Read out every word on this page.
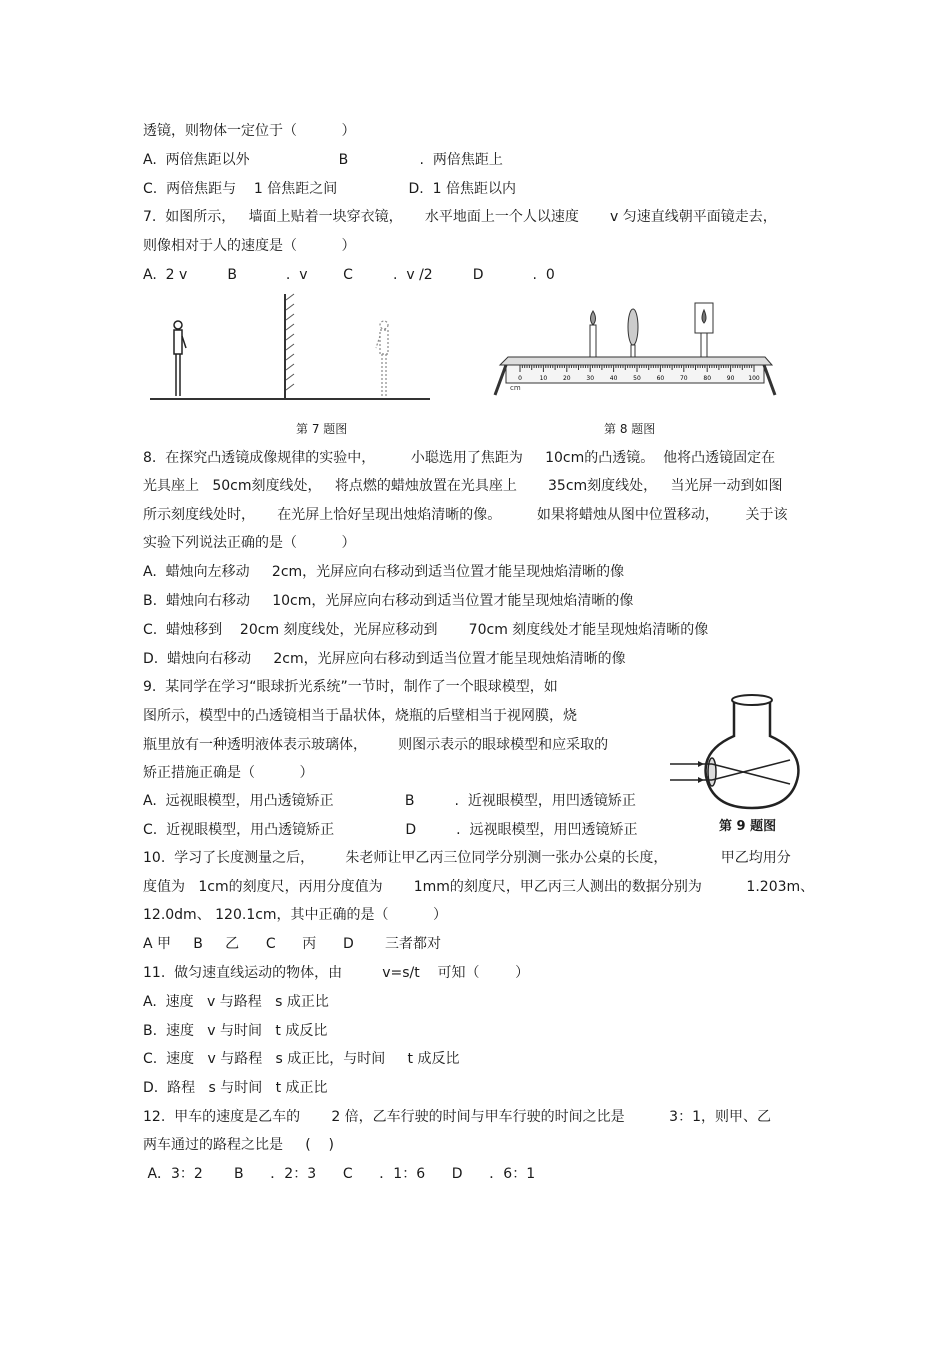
透镜，则物体一定位于（          ）
A.  两倍焦距以外                    B                .  两倍焦距上
C.  两倍焦距与    1 倍焦距之间                D.  1 倍焦距以内
7.  如图所示，   墙面上贴着一块穿衣镜，     水平地面上一个人以速度       v 匀速直线朝平面镜走去，
则像相对于人的速度是（          ）
A.  2 v         B           .  v        C         .  v /2         D           .  0
第 7 题图
cm
0	10	20	30	40	50	60	70	80	90 100
第 8 题图
8.  在探究凸透镜成像规律的实验中，        小聪选用了焦距为     10cm的凸透镜。  他将凸透镜固定在
光具座上   50cm刻度线处，   将点燃的蜡烛放置在光具座上       35cm刻度线处，   当光屏一动到如图
所示刻度线处时，     在光屏上恰好呈现出烛焰清晰的像。        如果将蜡烛从图中位置移动，      关于该
实验下列说法正确的是（          ）
A.  蜡烛向左移动     2cm，光屏应向右移动到适当位置才能呈现烛焰清晰的像
B.  蜡烛向右移动     10cm，光屏应向右移动到适当位置才能呈现烛焰清晰的像
C.  蜡烛移到    20cm 刻度线处，光屏应移动到       70cm 刻度线处才能呈现烛焰清晰的像
D.  蜡烛向右移动     2cm，光屏应向右移动到适当位置才能呈现烛焰清晰的像
9.  某同学在学习“眼球折光系统”一节时，制作了一个眼球模型，如
图所示，模型中的凸透镜相当于晶状体，烧瓶的后壁相当于视网膜，烧
瓶里放有一种透明液体表示玻璃体，       则图示表示的眼球模型和应采取的
矫正措施正确是（          ）
A.  远视眼模型，用凸透镜矫正                B         .  近视眼模型，用凹透镜矫正
C.  近视眼模型，用凸透镜矫正                D         .  远视眼模型，用凹透镜矫正	第 9 题图
10.  学习了长度测量之后，       朱老师让甲乙丙三位同学分别测一张办公桌的长度，            甲乙均用分
度值为   1cm的刻度尺，丙用分度值为       1mm的刻度尺，甲乙丙三人测出的数据分别为          1.203m、
12.0dm、 120.1cm，其中正确的是（          ）
A 甲     B     乙      C      丙      D       三者都对
11.  做匀速直线运动的物体，由         v=s/t    可知（        ）
A.  速度   v 与路程   s 成正比
B.  速度   v 与时间   t 成反比
C.  速度   v 与路程   s 成正比，与时间     t 成反比
D.  路程   s 与时间   t 成正比
12.  甲车的速度是乙车的       2 倍，乙车行驶的时间与甲车行驶的时间之比是          3：1，则甲、乙
两车通过的路程之比是     (    )
A．3：2       B      ．2：3      C      ．1：6      D      ．6：1
